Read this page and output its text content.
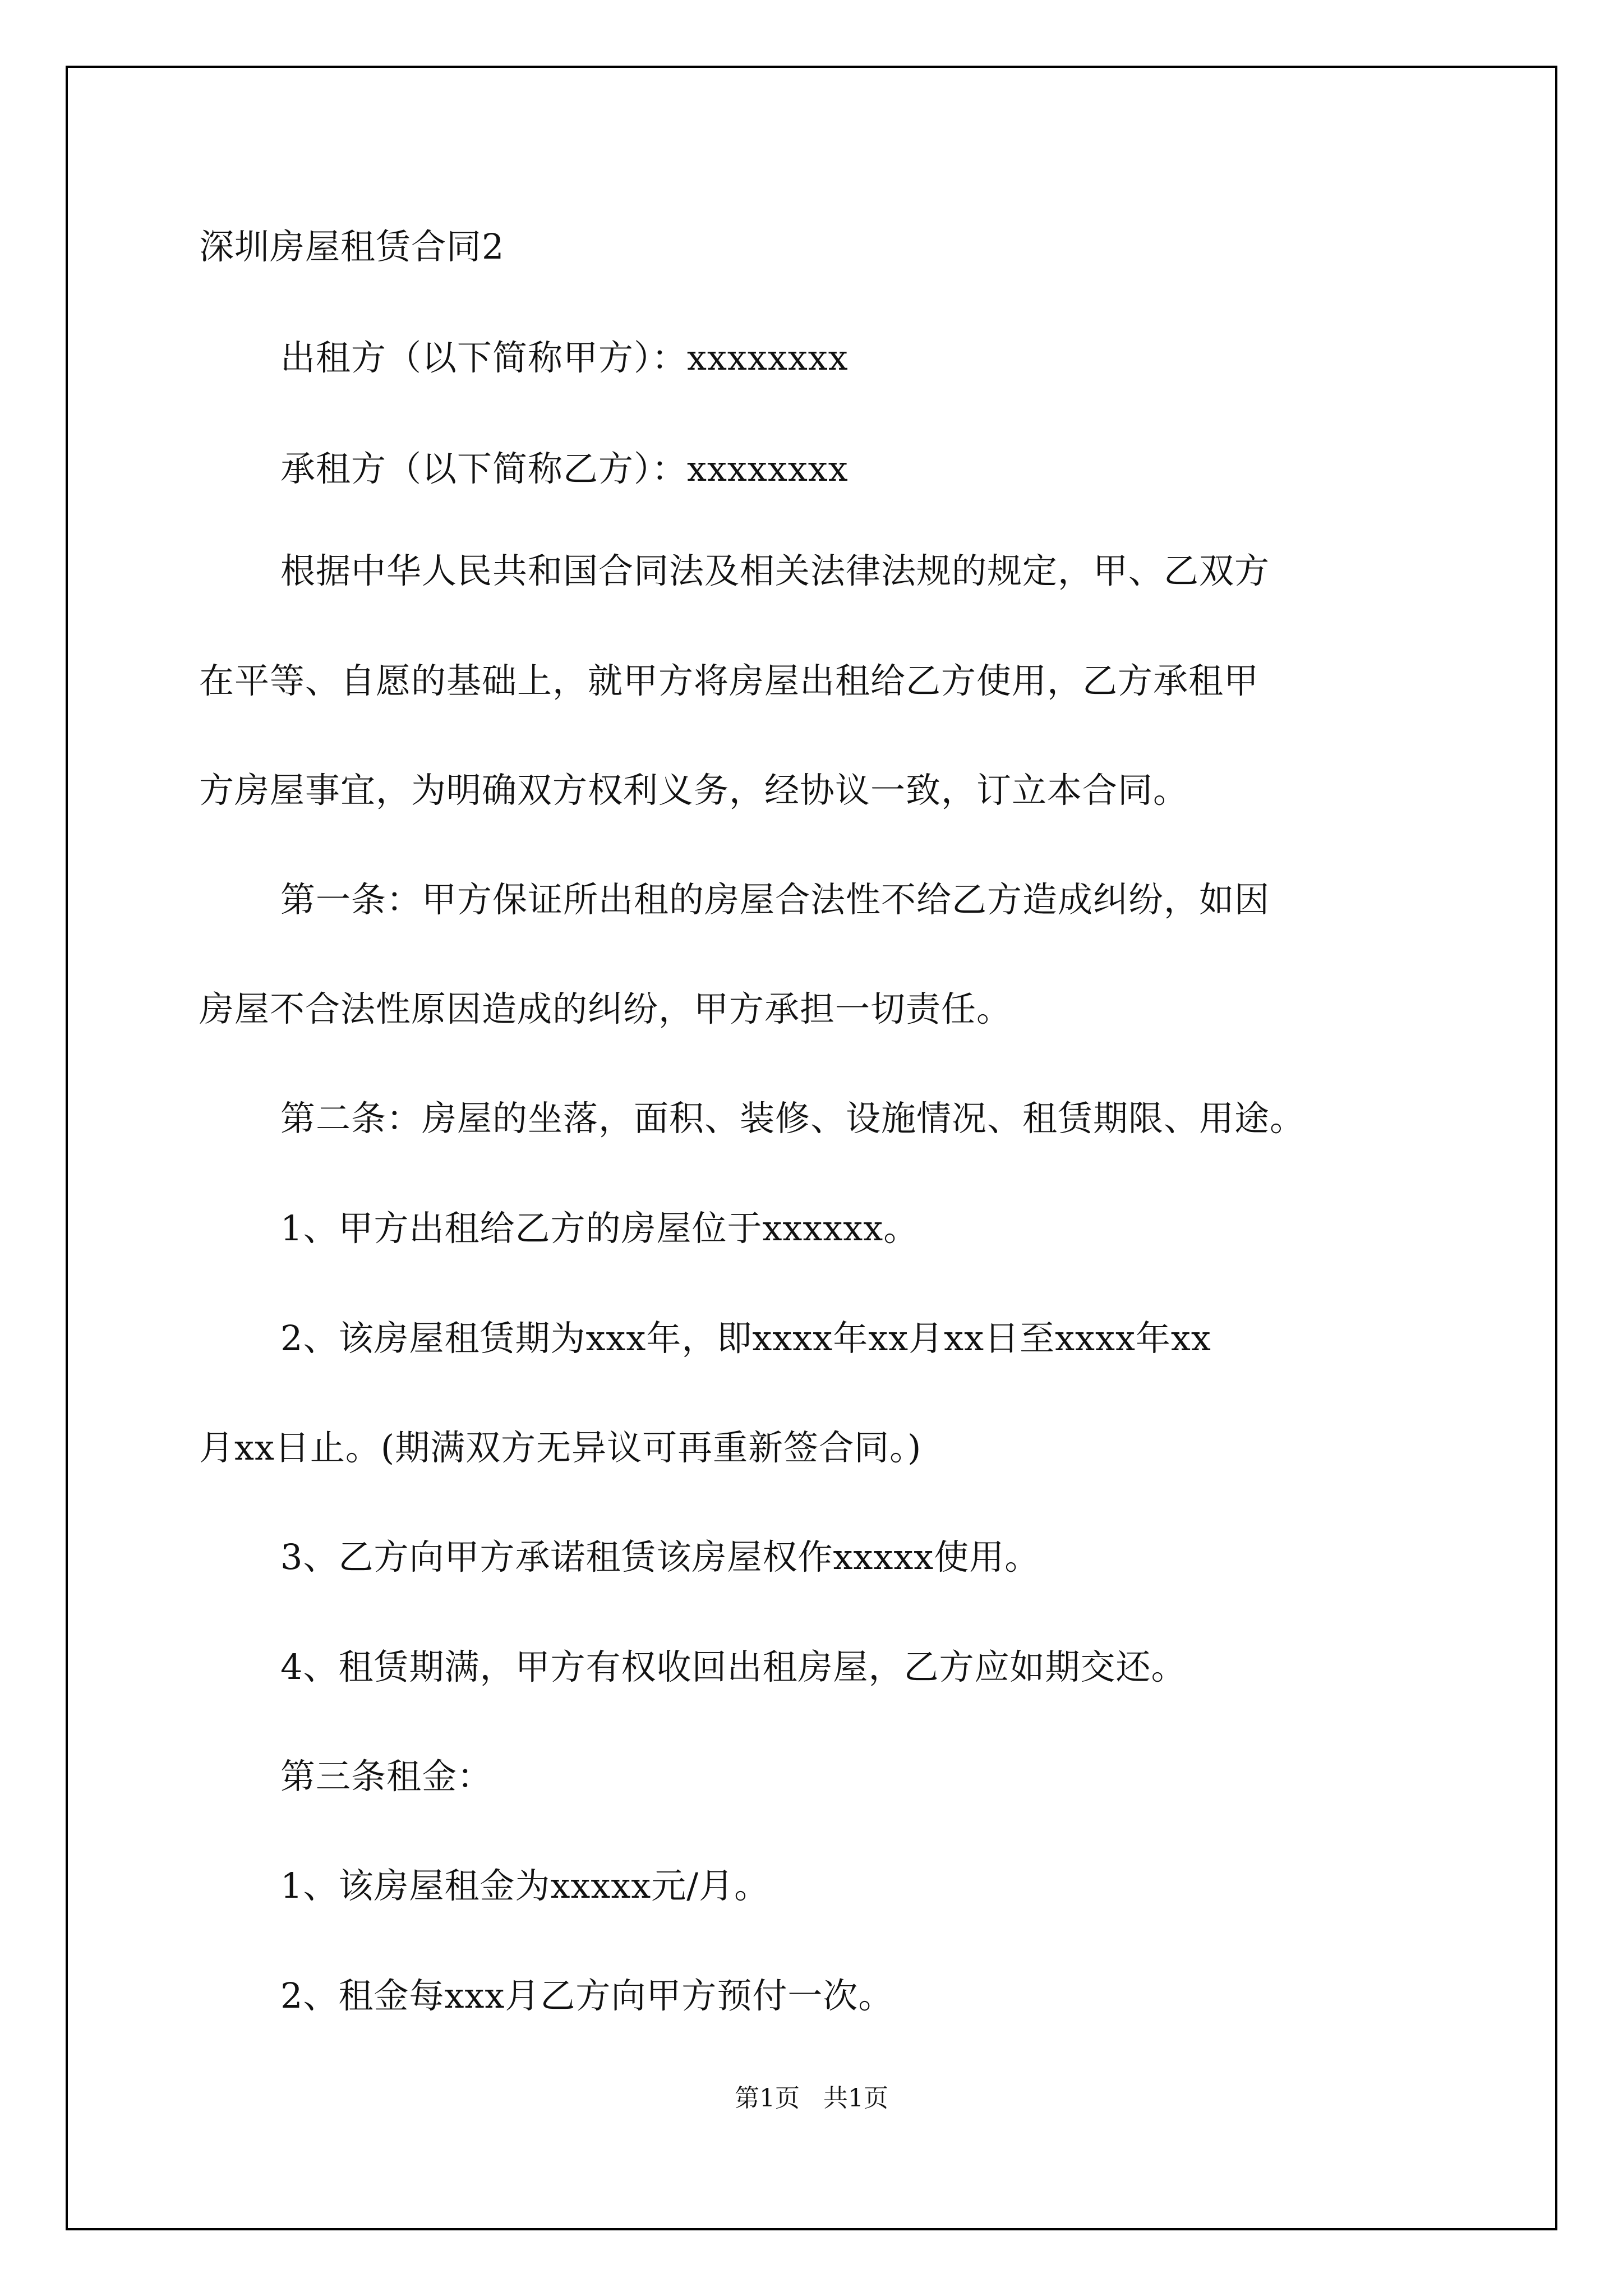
深圳房屋租赁合同2
出租方（以下简称甲方）：xxxxxxxx
承租方（以下简称乙方）：xxxxxxxx
根据中华人民共和国合同法及相关法律法规的规定，甲、乙双方
在平等、自愿的基础上，就甲方将房屋出租给乙方使用，乙方承租甲
方房屋事宜，为明确双方权利义务，经协议一致，订立本合同。
第一条：甲方保证所出租的房屋合法性不给乙方造成纠纷，如因
房屋不合法性原因造成的纠纷，甲方承担一切责任。
第二条：房屋的坐落，面积、装修、设施情况、租赁期限、用途。
1、甲方出租给乙方的房屋位于xxxxxx。
2、该房屋租赁期为xxx年，即xxxx年xx月xx日至xxxx年xx
月xx日止。(期满双方无异议可再重新签合同。)
3、乙方向甲方承诺租赁该房屋权作xxxxx使用。
4、租赁期满，甲方有权收回出租房屋，乙方应如期交还。
第三条租金：
1、该房屋租金为xxxxx元/月。
2、租金每xxx月乙方向甲方预付一次。
第1页 共1页
